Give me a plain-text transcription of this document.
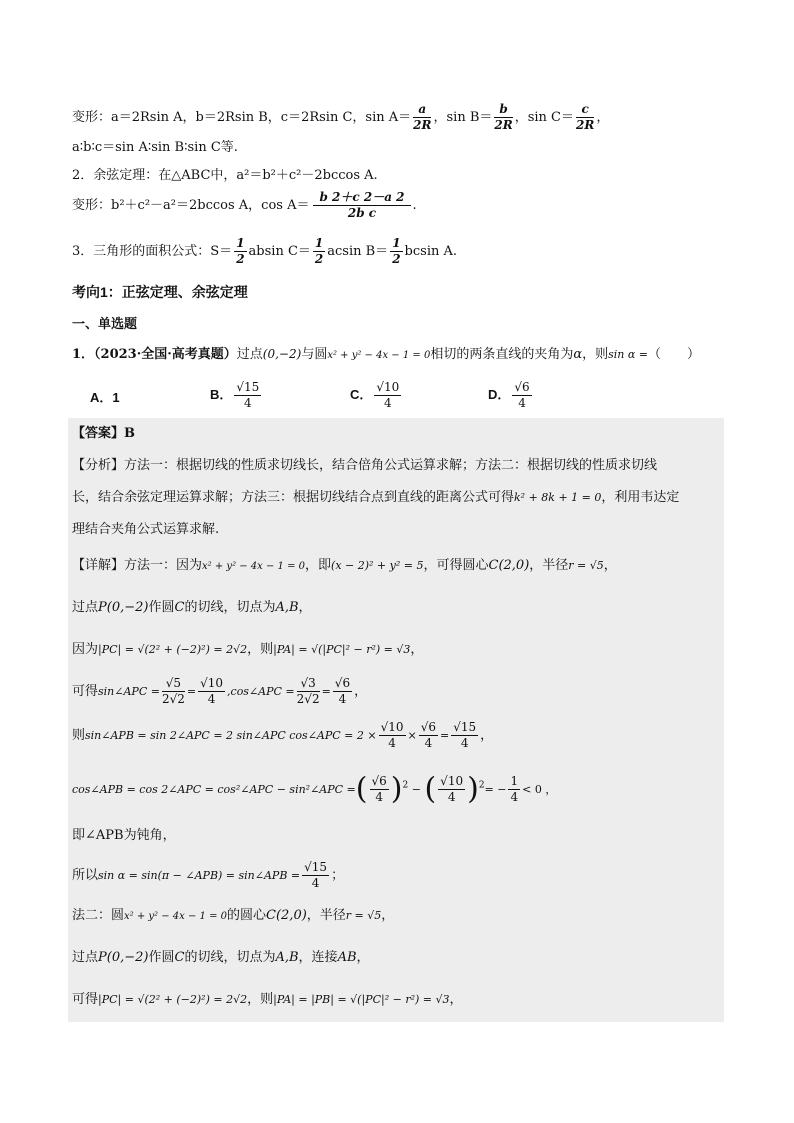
变形：a＝2Rsin A，b＝2Rsin B，c＝2Rsin C，$\sin A= \frac{a}{2R}$ ，$\sin B= \frac{b}{2R}$ ，$\sin C= \frac{c}{2R}$ ，
a∶b∶c＝sin A∶sin B∶sin C等.
2．余弦定理：在△ABC中，a²＝b²＋c²－2bccos A.
变形：b²＋c²－a²＝2bccos A，$\cos A= \frac{b 2+c 2-a 2}{\text{2b c}}$ .
3．三角形的面积公式：$S= \frac{1}{2}$ absin $C= \frac{1}{2}$ acsin $B= \frac{1}{2}$ bcsin A.
考向1：正弦定理、余弦定理
一、单选题
1．（2023·全国·高考真题）过点(0,−2)与圆x² + y² − 4x − 1 = 0相切的两条直线的夹角为α，则sin α =（　　）
A．1	B． $\frac{√15}{4}$	C． $\frac{√10}{4}$	D． $\frac{√6}{4}$
【答案】B
【分析】方法一：根据切线的性质求切线长，结合倍角公式运算求解；方法二：根据切线的性质求切线
长，结合余弦定理运算求解；方法三：根据切线结合点到直线的距离公式可得k² + 8k + 1 = 0，利用韦达定
理结合夹角公式运算求解.
【详解】方法一：因为x² + y² − 4x − 1 = 0，即(x − 2)² + y² = 5，可得圆心C(2,0)，半径r = √5，
过点P(0,−2)作圆C的切线，切点为A,B，
因为|PC| = √(2² + (−2)²) = 2√2，则|PA| = √(|PC|² − r²) = √3，
可得sin∠APC = $\frac{√5}{2√2} = \frac{√10}{4}$ ,cos∠APC = $\frac{√3}{2√2} = \frac{√6}{4}$ ，
则sin∠APB = sin 2∠APC = 2 sin∠APC cos∠APC = $2 \times \frac{√10}{4} \times \frac{√6}{4} = \frac{√15}{4}$ ，
cos∠APB = cos 2∠APC = cos²∠APC − sin²∠APC =( $\frac{√6}{4} )^2$ − ( $\frac{√10}{4} )^2= - \frac{1}{4} < 0$ ，
即∠APB为钝角，
所以sin α = sin(π − ∠APB) = sin∠APB = $\frac{√15}{4}$ ；
法二：圆x² + y² − 4x − 1 = 0的圆心C(2,0)，半径r = √5，
过点P(0,−2)作圆C的切线，切点为A,B，连接AB，
可得|PC| = √(2² + (−2)²) = 2√2，则|PA| = |PB| = √(|PC|² − r²) = √3，
